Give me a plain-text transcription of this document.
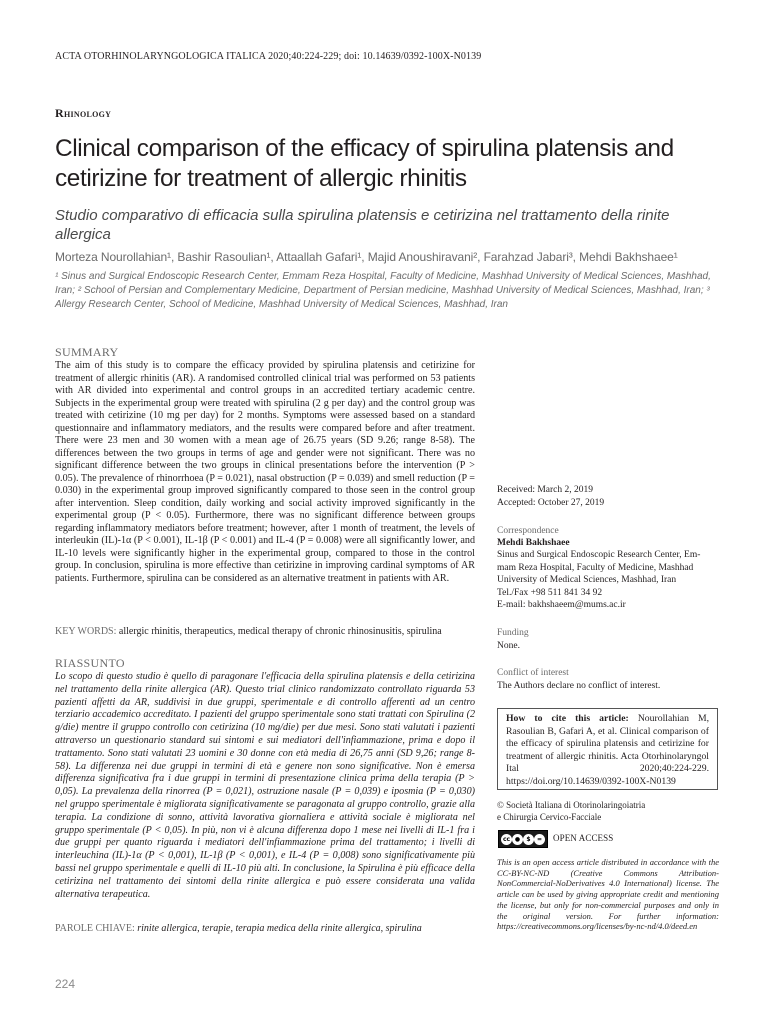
ACTA OTORHINOLARYNGOLOGICA ITALICA 2020;40:224-229; doi: 10.14639/0392-100X-N0139
Rhinology
Clinical comparison of the efficacy of spirulina platensis and cetirizine for treatment of allergic rhinitis
Studio comparativo di efficacia sulla spirulina platensis e cetirizina nel trattamento della rinite allergica
Morteza Nourollahian¹, Bashir Rasoulian¹, Attaallah Gafari¹, Majid Anoushiravani², Farahzad Jabari³, Mehdi Bakhshaee¹
¹ Sinus and Surgical Endoscopic Research Center, Emmam Reza Hospital, Faculty of Medicine, Mashhad University of Medical Sciences, Mashhad, Iran; ² School of Persian and Complementary Medicine, Department of Persian medicine, Mashhad University of Medical Sciences, Mashhad, Iran; ³ Allergy Research Center, School of Medicine, Mashhad University of Medical Sciences, Mashhad, Iran
SUMMARY

The aim of this study is to compare the efficacy provided by spirulina platensis and cetirizine for treatment of allergic rhinitis (AR). A randomised controlled clinical trial was performed on 53 patients with AR divided into experimental and control groups in an accredited tertiary academic centre. Subjects in the experimental group were treated with spirulina (2 g per day) and the control group was treated with cetirizine (10 mg per day) for 2 months. Symptoms were assessed based on a standard questionnaire and inflammatory mediators, and the results were compared before and after treatment. There were 23 men and 30 women with a mean age of 26.75 years (SD 9.26; range 8-58). The differences between the two groups in terms of age and gender were not significant. There was no significant difference between the two groups in clinical presentations before the intervention (P > 0.05). The prevalence of rhinorrhoea (P = 0.021), nasal obstruction (P = 0.039) and smell reduction (P = 0.030) in the experimental group improved significantly compared to those seen in the control group after intervention. Sleep condition, daily working and social activity improved significantly in the experimental group (P < 0.05). Furthermore, there was no significant difference between groups regarding inflammatory mediators before treatment; however, after 1 month of treatment, the levels of interleukin (IL)-1α (P < 0.001), IL-1β (P < 0.001) and IL-4 (P = 0.008) were all significantly lower, and IL-10 levels were significantly higher in the experimental group, compared to those in the control group. In conclusion, spirulina is more effective than cetirizine in improving cardinal symptoms of AR patients. Furthermore, spirulina can be considered as an alternative treatment in patients with AR.

KEY WORDS: allergic rhinitis, therapeutics, medical therapy of chronic rhinosinusitis, spirulina
RIASSUNTO

Lo scopo di questo studio è quello di paragonare l'efficacia della spirulina platensis e della cetirizina nel trattamento della rinite allergica (AR). Questo trial clinico randomizzato controllato riguarda 53 pazienti affetti da AR, suddivisi in due gruppi, sperimentale e di controllo afferenti ad un centro terziario accademico accreditato. I pazienti del gruppo sperimentale sono stati trattati con Spirulina (2 g/die) mentre il gruppo controllo con cetirizina (10 mg/die) per due mesi. Sono stati valutati i pazienti attraverso un questionario standard sui sintomi e sui mediatori dell'infiammazione, prima e dopo il trattamento. Sono stati valutati 23 uomini e 30 donne con età media di 26,75 anni (SD 9,26; range 8-58). La differenza nei due gruppi in termini di età e genere non sono significative. Non è emersa differenza significativa fra i due gruppi in termini di presentazione clinica prima della terapia (P > 0,05). La prevalenza della rinorrea (P = 0,021), ostruzione nasale (P = 0,039) e iposmia (P = 0,030) nel gruppo sperimentale è migliorata significativamente se paragonata al gruppo controllo, grazie alla terapia. La condizione di sonno, attività lavorativa giornaliera e attività sociale è migliorata nel gruppo sperimentale (P < 0,05). In più, non vi è alcuna differenza dopo 1 mese nei livelli di IL-1 fra i due gruppi per quanto riguarda i mediatori dell'infiammazione prima del trattamento; i livelli di interleuchina (IL)-1α (P < 0,001), IL-1β (P < 0,001), e IL-4 (P = 0,008) sono significativamente più bassi nel gruppo sperimentale e quelli di IL-10 più alti. In conclusione, la Spirulina è più efficace della cetirizina nel trattamento dei sintomi della rinite allergica e può essere considerata una valida alternativa terapeutica.

PAROLE CHIAVE: rinite allergica, terapie, terapia medica della rinite allergica, spirulina
224
Received: March 2, 2019
Accepted: October 27, 2019
Correspondence
Mehdi Bakhshaee
Sinus and Surgical Endoscopic Research Center, Em-
mam Reza Hospital, Faculty of Medicine, Mashhad
University of Medical Sciences, Mashhad, Iran
Tel./Fax +98 511 841 34 92
E-mail: bakhshaeem@mums.ac.ir
Funding
None.
Conflict of interest
The Authors declare no conflict of interest.
How to cite this article: Nourollahian M, Rasoulian B, Gafari A, et al. Clinical comparison of the efficacy of spirulina platensis and cetirizine for treatment of allergic rhinitis. Acta Otorhinolaryngol Ital 2020;40:224-229. https://doi.org/10.14639/0392-100X-N0139
© Società Italiana di Otorinolaringoiatria
e Chirurgia Cervico-Facciale
cc ●	$	=	OPEN ACCESS
This is an open access article distributed in accordance with the CC-BY-NC-ND (Creative Commons Attribution-NonCommercial-NoDerivatives 4.0 International) license. The article can be used by giving appropriate credit and mentioning the license, but only for non-commercial purposes and only in the original version. For further information: https://creativecommons.org/licenses/by-nc-nd/4.0/deed.en
